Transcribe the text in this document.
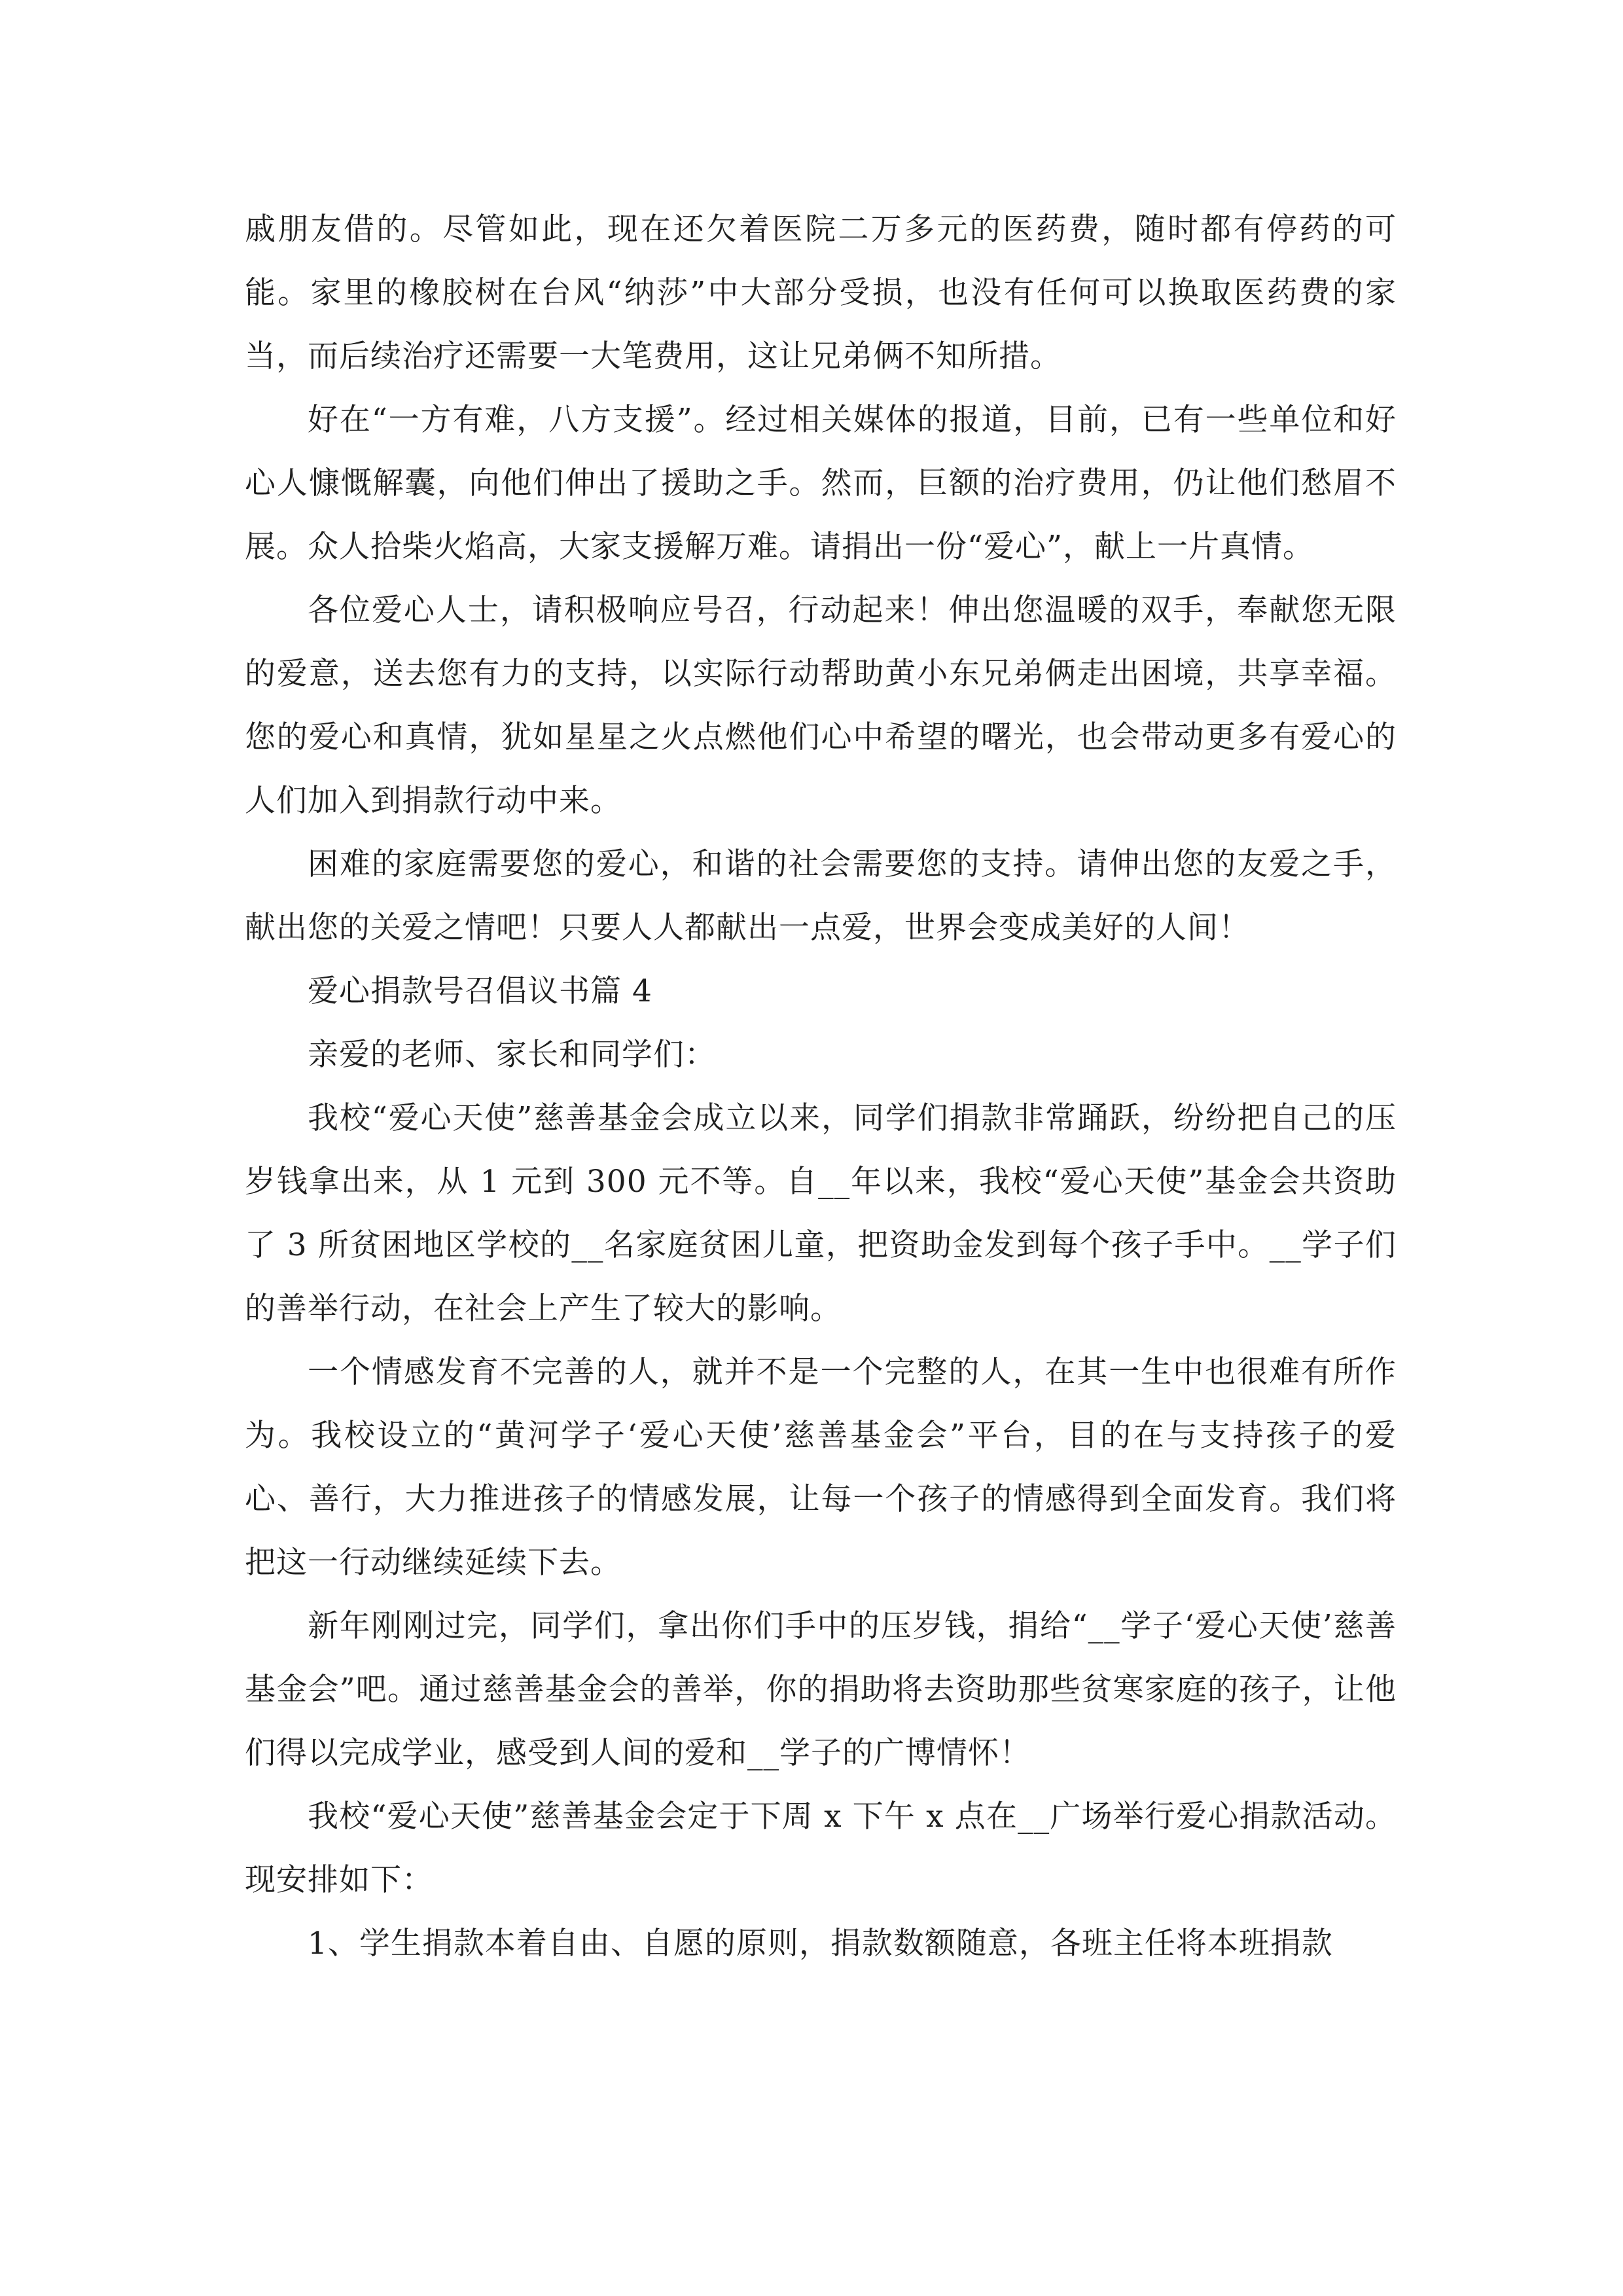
戚朋友借的。尽管如此，现在还欠着医院二万多元的医药费，随时都有停药的可能。家里的橡胶树在台风“纳莎”中大部分受损，也没有任何可以换取医药费的家当，而后续治疗还需要一大笔费用，这让兄弟俩不知所措。

好在“一方有难，八方支援”。经过相关媒体的报道，目前，已有一些单位和好心人慷慨解囊，向他们伸出了援助之手。然而，巨额的治疗费用，仍让他们愁眉不展。众人拾柴火焰高，大家支援解万难。请捐出一份“爱心”，献上一片真情。

各位爱心人士，请积极响应号召，行动起来！伸出您温暖的双手，奉献您无限的爱意，送去您有力的支持，以实际行动帮助黄小东兄弟俩走出困境，共享幸福。您的爱心和真情，犹如星星之火点燃他们心中希望的曙光，也会带动更多有爱心的人们加入到捐款行动中来。

困难的家庭需要您的爱心，和谐的社会需要您的支持。请伸出您的友爱之手，献出您的关爱之情吧！只要人人都献出一点爱，世界会变成美好的人间！

爱心捐款号召倡议书篇 4

亲爱的老师、家长和同学们：

我校“爱心天使”慈善基金会成立以来，同学们捐款非常踊跃，纷纷把自己的压岁钱拿出来，从 1 元到 300 元不等。自__年以来，我校“爱心天使”基金会共资助了 3 所贫困地区学校的__名家庭贫困儿童，把资助金发到每个孩子手中。__学子们的善举行动，在社会上产生了较大的影响。

一个情感发育不完善的人，就并不是一个完整的人，在其一生中也很难有所作为。我校设立的“黄河学子‘爱心天使’慈善基金会”平台，目的在与支持孩子的爱心、善行，大力推进孩子的情感发展，让每一个孩子的情感得到全面发育。我们将把这一行动继续延续下去。

新年刚刚过完，同学们，拿出你们手中的压岁钱，捐给“__学子‘爱心天使’慈善基金会”吧。通过慈善基金会的善举，你的捐助将去资助那些贫寒家庭的孩子，让他们得以完成学业，感受到人间的爱和__学子的广博情怀！

我校“爱心天使”慈善基金会定于下周 x 下午 x 点在__广场举行爱心捐款活动。现安排如下：

1、学生捐款本着自由、自愿的原则，捐款数额随意，各班主任将本班捐款
